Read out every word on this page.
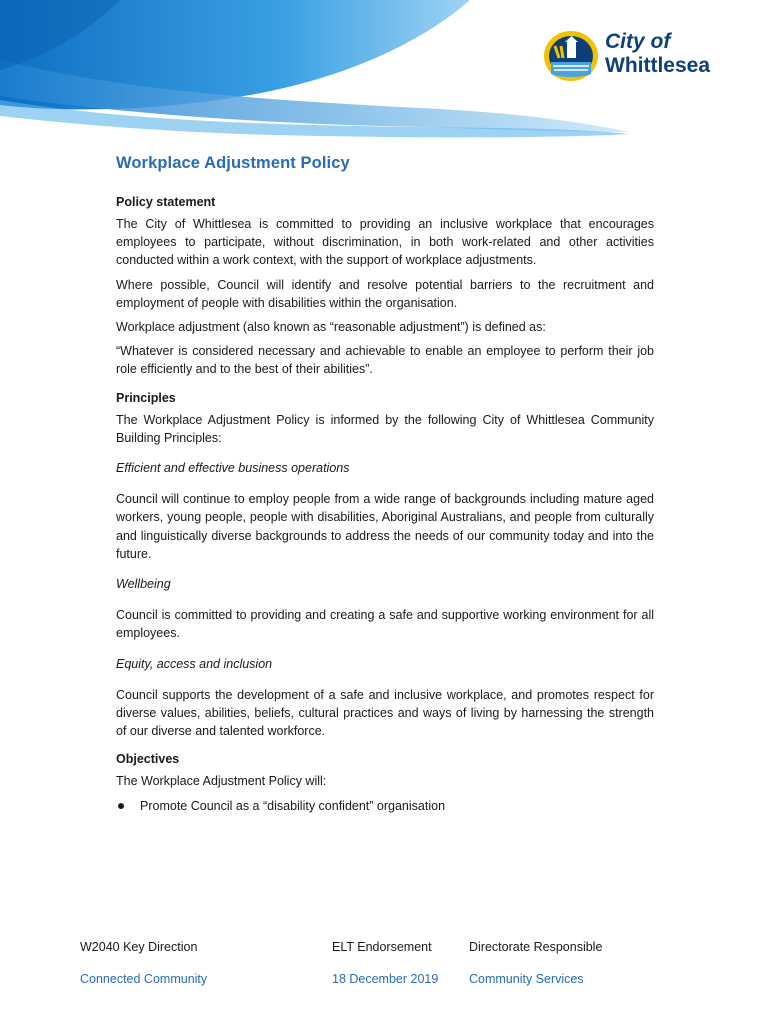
City of
Whittlesea
Workplace Adjustment Policy
Policy statement

The City of Whittlesea is committed to providing an inclusive workplace that encourages employees to participate, without discrimination, in both work-related and other activities conducted within a work context, with the support of workplace adjustments.

Where possible, Council will identify and resolve potential barriers to the recruitment and employment of people with disabilities within the organisation.

Workplace adjustment (also known as “reasonable adjustment”) is defined as:

“Whatever is considered necessary and achievable to enable an employee to perform their job role efficiently and to the best of their abilities”.

Principles

The Workplace Adjustment Policy is informed by the following City of Whittlesea Community Building Principles:

Efficient and effective business operations

Council will continue to employ people from a wide range of backgrounds including mature aged workers, young people, people with disabilities, Aboriginal Australians, and people from culturally and linguistically diverse backgrounds to address the needs of our community today and into the future.

Wellbeing

Council is committed to providing and creating a safe and supportive working environment for all employees.

Equity, access and inclusion

Council supports the development of a safe and inclusive workplace, and promotes respect for diverse values, abilities, beliefs, cultural practices and ways of living by harnessing the strength of our diverse and talented workforce.

Objectives

The Workplace Adjustment Policy will:

Promote Council as a “disability confident” organisation
W2040 Key Direction
Connected Community
ELT Endorsement
18 December 2019
Directorate Responsible
Community Services
